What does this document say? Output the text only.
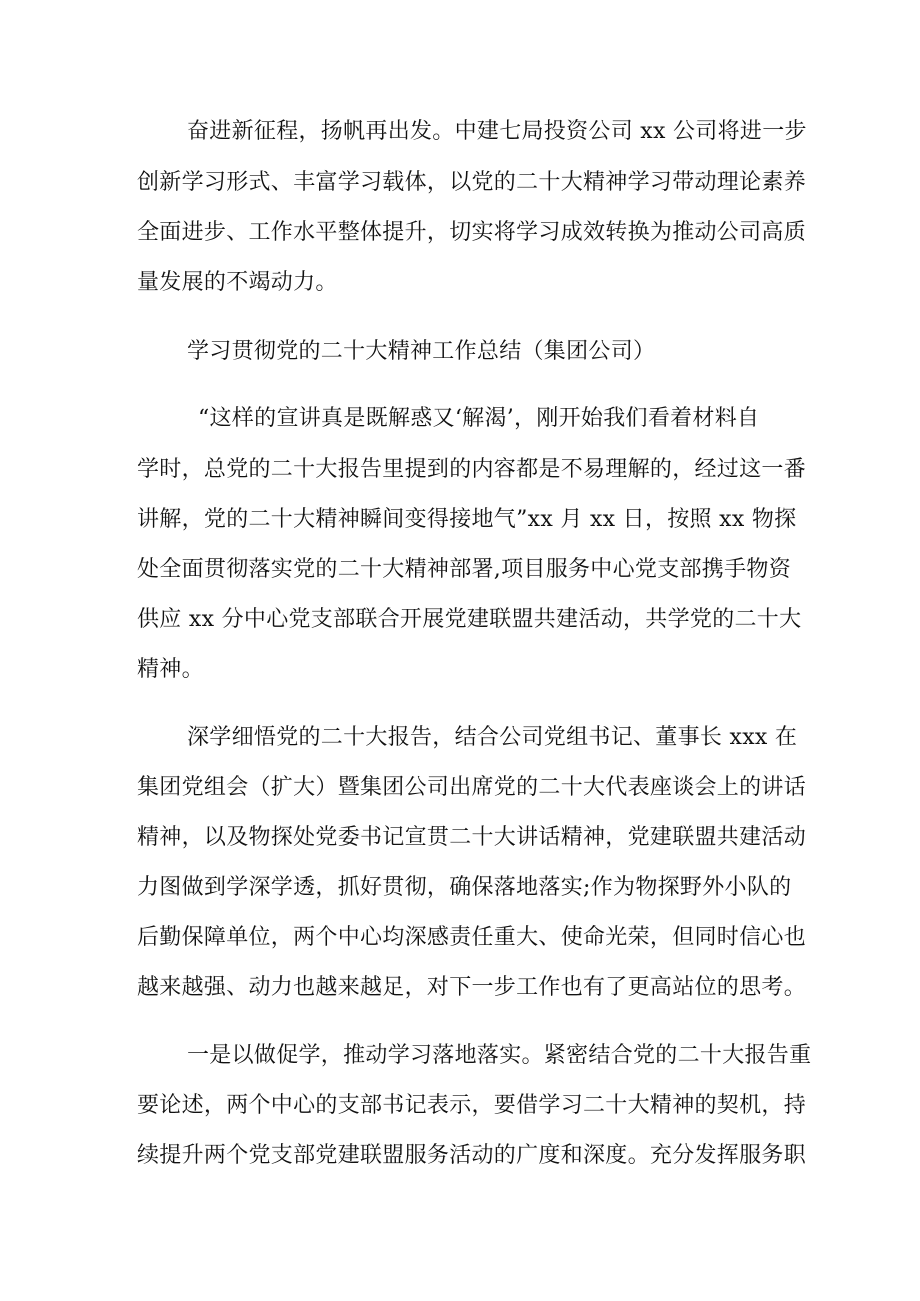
奋进新征程，扬帆再出发。中建七局投资公司 xx 公司将进一步
创新学习形式、丰富学习载体，以党的二十大精神学习带动理论素养
全面进步、工作水平整体提升，切实将学习成效转换为推动公司高质
量发展的不竭动力。
学习贯彻党的二十大精神工作总结（集团公司）
“这样的宣讲真是既解惑又‘解渴’，刚开始我们看着材料自
学时，总党的二十大报告里提到的内容都是不易理解的，经过这一番
讲解，党的二十大精神瞬间变得接地气”xx 月 xx 日，按照 xx 物探
处全面贯彻落实党的二十大精神部署,项目服务中心党支部携手物资
供应 xx 分中心党支部联合开展党建联盟共建活动，共学党的二十大
精神。
深学细悟党的二十大报告，结合公司党组书记、董事长 xxx 在
集团党组会（扩大）暨集团公司出席党的二十大代表座谈会上的讲话
精神，以及物探处党委书记宣贯二十大讲话精神，党建联盟共建活动
力图做到学深学透，抓好贯彻，确保落地落实;作为物探野外小队的
后勤保障单位，两个中心均深感责任重大、使命光荣，但同时信心也
越来越强、动力也越来越足，对下一步工作也有了更高站位的思考。
一是以做促学，推动学习落地落实。紧密结合党的二十大报告重
要论述，两个中心的支部书记表示，要借学习二十大精神的契机，持
续提升两个党支部党建联盟服务活动的广度和深度。充分发挥服务职
